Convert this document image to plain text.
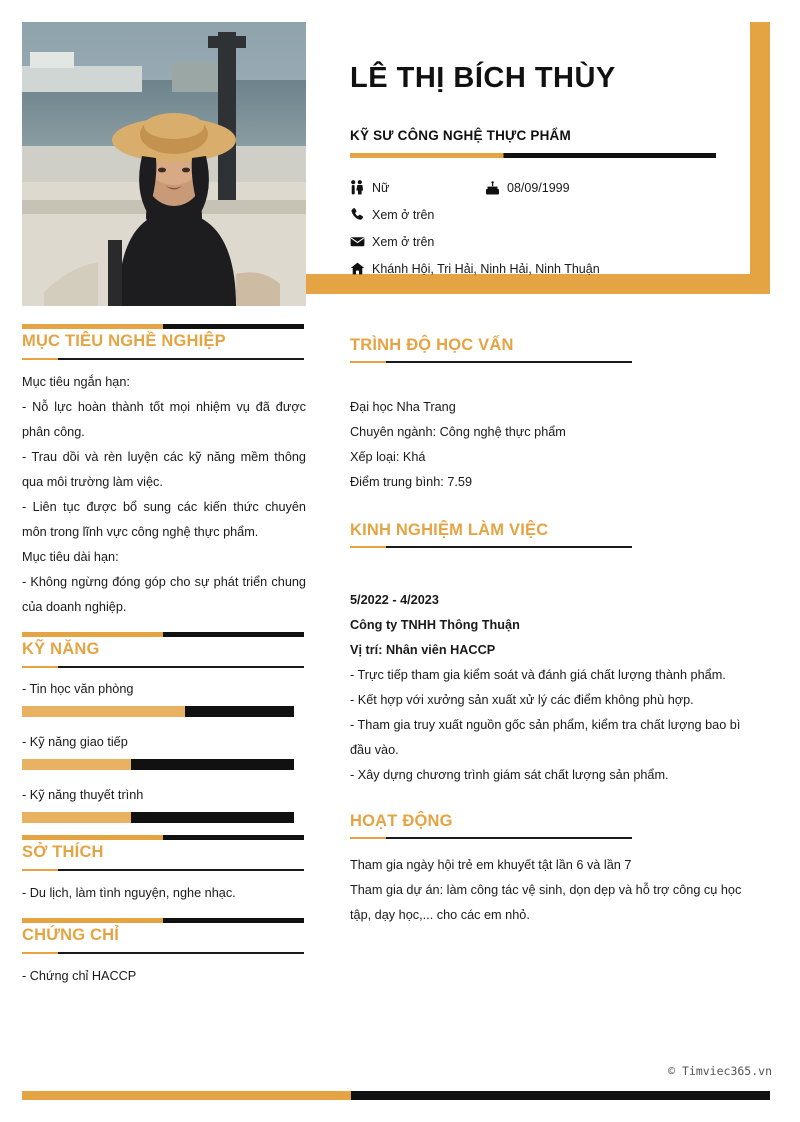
LÊ THỊ BÍCH THÙY
KỸ SƯ CÔNG NGHỆ THỰC PHẨM
Nữ	08/09/1999
Xem ở trên
Xem ở trên
Khánh Hội, Tri Hải, Ninh Hải, Ninh Thuận
MỤC TIÊU NGHỀ NGHIỆP

Mục tiêu ngắn hạn:

- Nỗ lực hoàn thành tốt mọi nhiệm vụ đã được phân công.

- Trau dồi và rèn luyện các kỹ năng mềm thông qua môi trường làm việc.

- Liên tục được bổ sung các kiến thức chuyên môn trong lĩnh vực công nghệ thực phẩm.

Mục tiêu dài hạn:

- Không ngừng đóng góp cho sự phát triển chung của doanh nghiệp.

KỸ NĂNG
- Tin học văn phòng
- Kỹ năng giao tiếp
- Kỹ năng thuyết trình
SỞ THÍCH

- Du lịch, làm tình nguyện, nghe nhạc.

CHỨNG CHỈ

- Chứng chỉ HACCP

TRÌNH ĐỘ HỌC VẤN

Đại học Nha Trang

Chuyên ngành: Công nghệ thực phẩm

Xếp loại: Khá

Điểm trung bình: 7.59

KINH NGHIỆM LÀM VIỆC

5/2022 - 4/2023

Công ty TNHH Thông Thuận

Vị trí: Nhân viên HACCP

- Trực tiếp tham gia kiểm soát và đánh giá chất lượng thành phẩm.

- Kết hợp với xưởng sản xuất xử lý các điểm không phù hợp.

- Tham gia truy xuất nguồn gốc sản phẩm, kiểm tra chất lượng bao bì đầu vào.

- Xây dựng chương trình giám sát chất lượng sản phẩm.

HOẠT ĐỘNG

Tham gia ngày hội trẻ em khuyết tật lần 6 và lần 7

Tham gia dự án: làm công tác vệ sinh, dọn dẹp và hỗ trợ công cụ học tập, dạy học,... cho các em nhỏ.

© Timviec365.vn
